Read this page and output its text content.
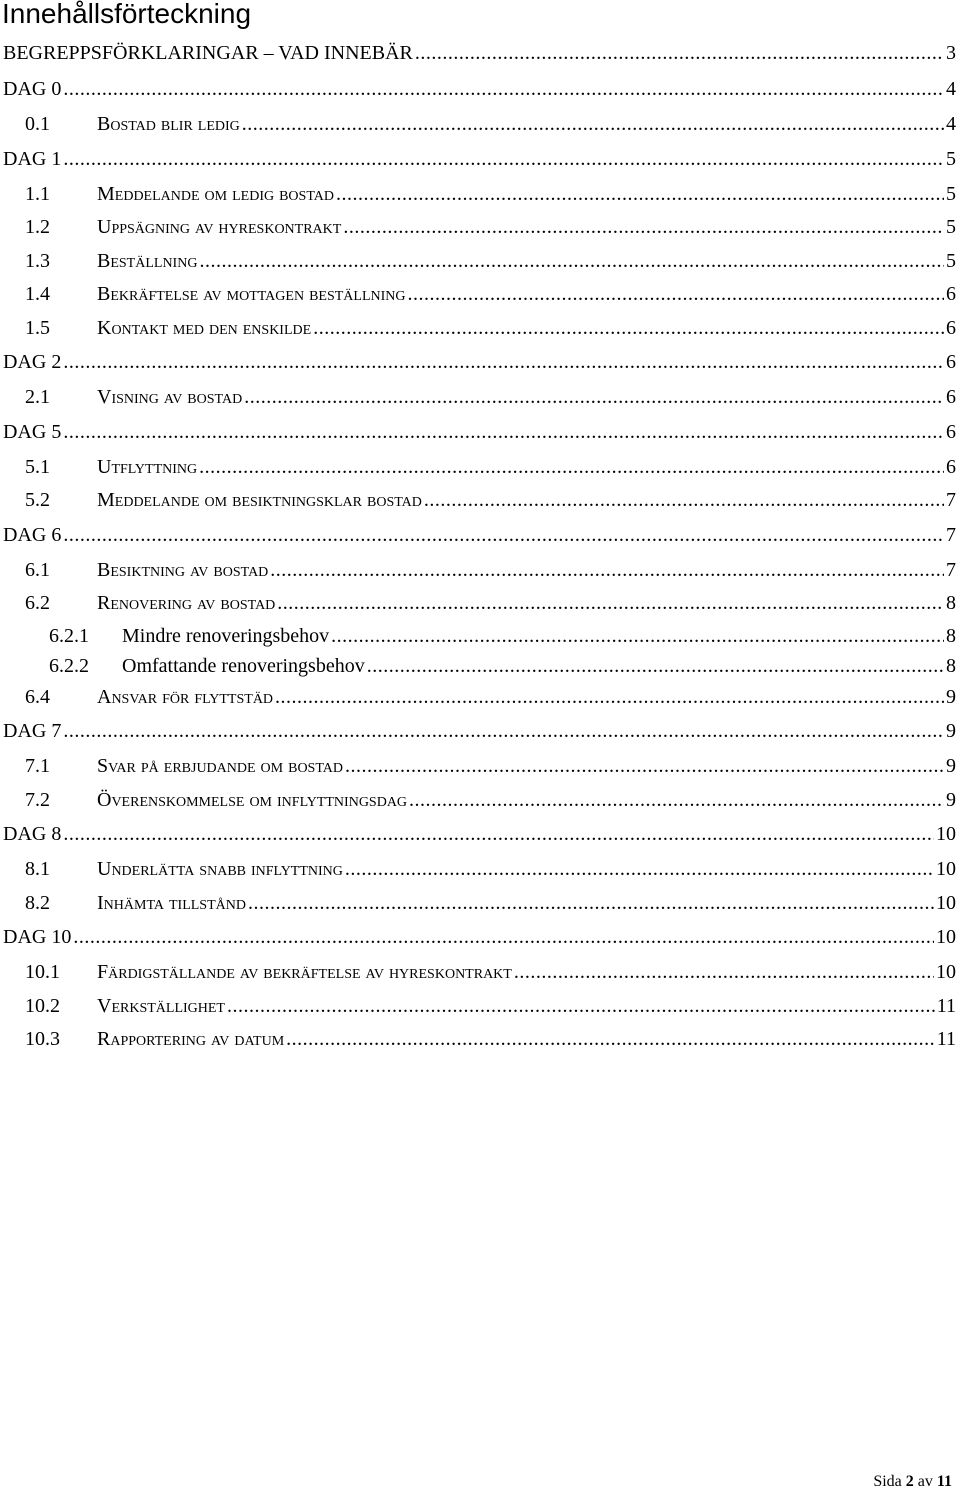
Innehållsförteckning
BEGREPPSFÖRKLARINGAR – VAD INNEBÄR .....	3
DAG 0 .....	4
0.1	Bostad blir ledig .....	4
DAG 1 .....	5
1.1	Meddelande om ledig bostad .....	5
1.2	Uppsägning av hyreskontrakt .....	5
1.3	Beställning .....	5
1.4	Bekräftelse av mottagen beställning .....	6
1.5	Kontakt med den enskilde .....	6
DAG 2 .....	6
2.1	Visning av bostad .....	6
DAG 5 .....	6
5.1	Utflyttning .....	6
5.2	Meddelande om besiktningsklar bostad .....	7
DAG 6 .....	7
6.1	Besiktning av bostad .....	7
6.2	Renovering av bostad .....	8
6.2.1	Mindre renoveringsbehov .....	8
6.2.2	Omfattande renoveringsbehov .....	8
6.4	Ansvar för flyttstäd .....	9
DAG 7 .....	9
7.1	Svar på erbjudande om bostad .....	9
7.2	Överenskommelse om inflyttningsdag .....	9
DAG 8 .....	10
8.1	Underlätta snabb inflyttning .....	10
8.2	Inhämta tillstånd .....	10
DAG 10 .....	10
10.1	Färdigställande av bekräftelse av hyreskontrakt .....	10
10.2	Verkställighet .....	11
10.3	Rapportering av datum .....	11
Sida 2 av 11
